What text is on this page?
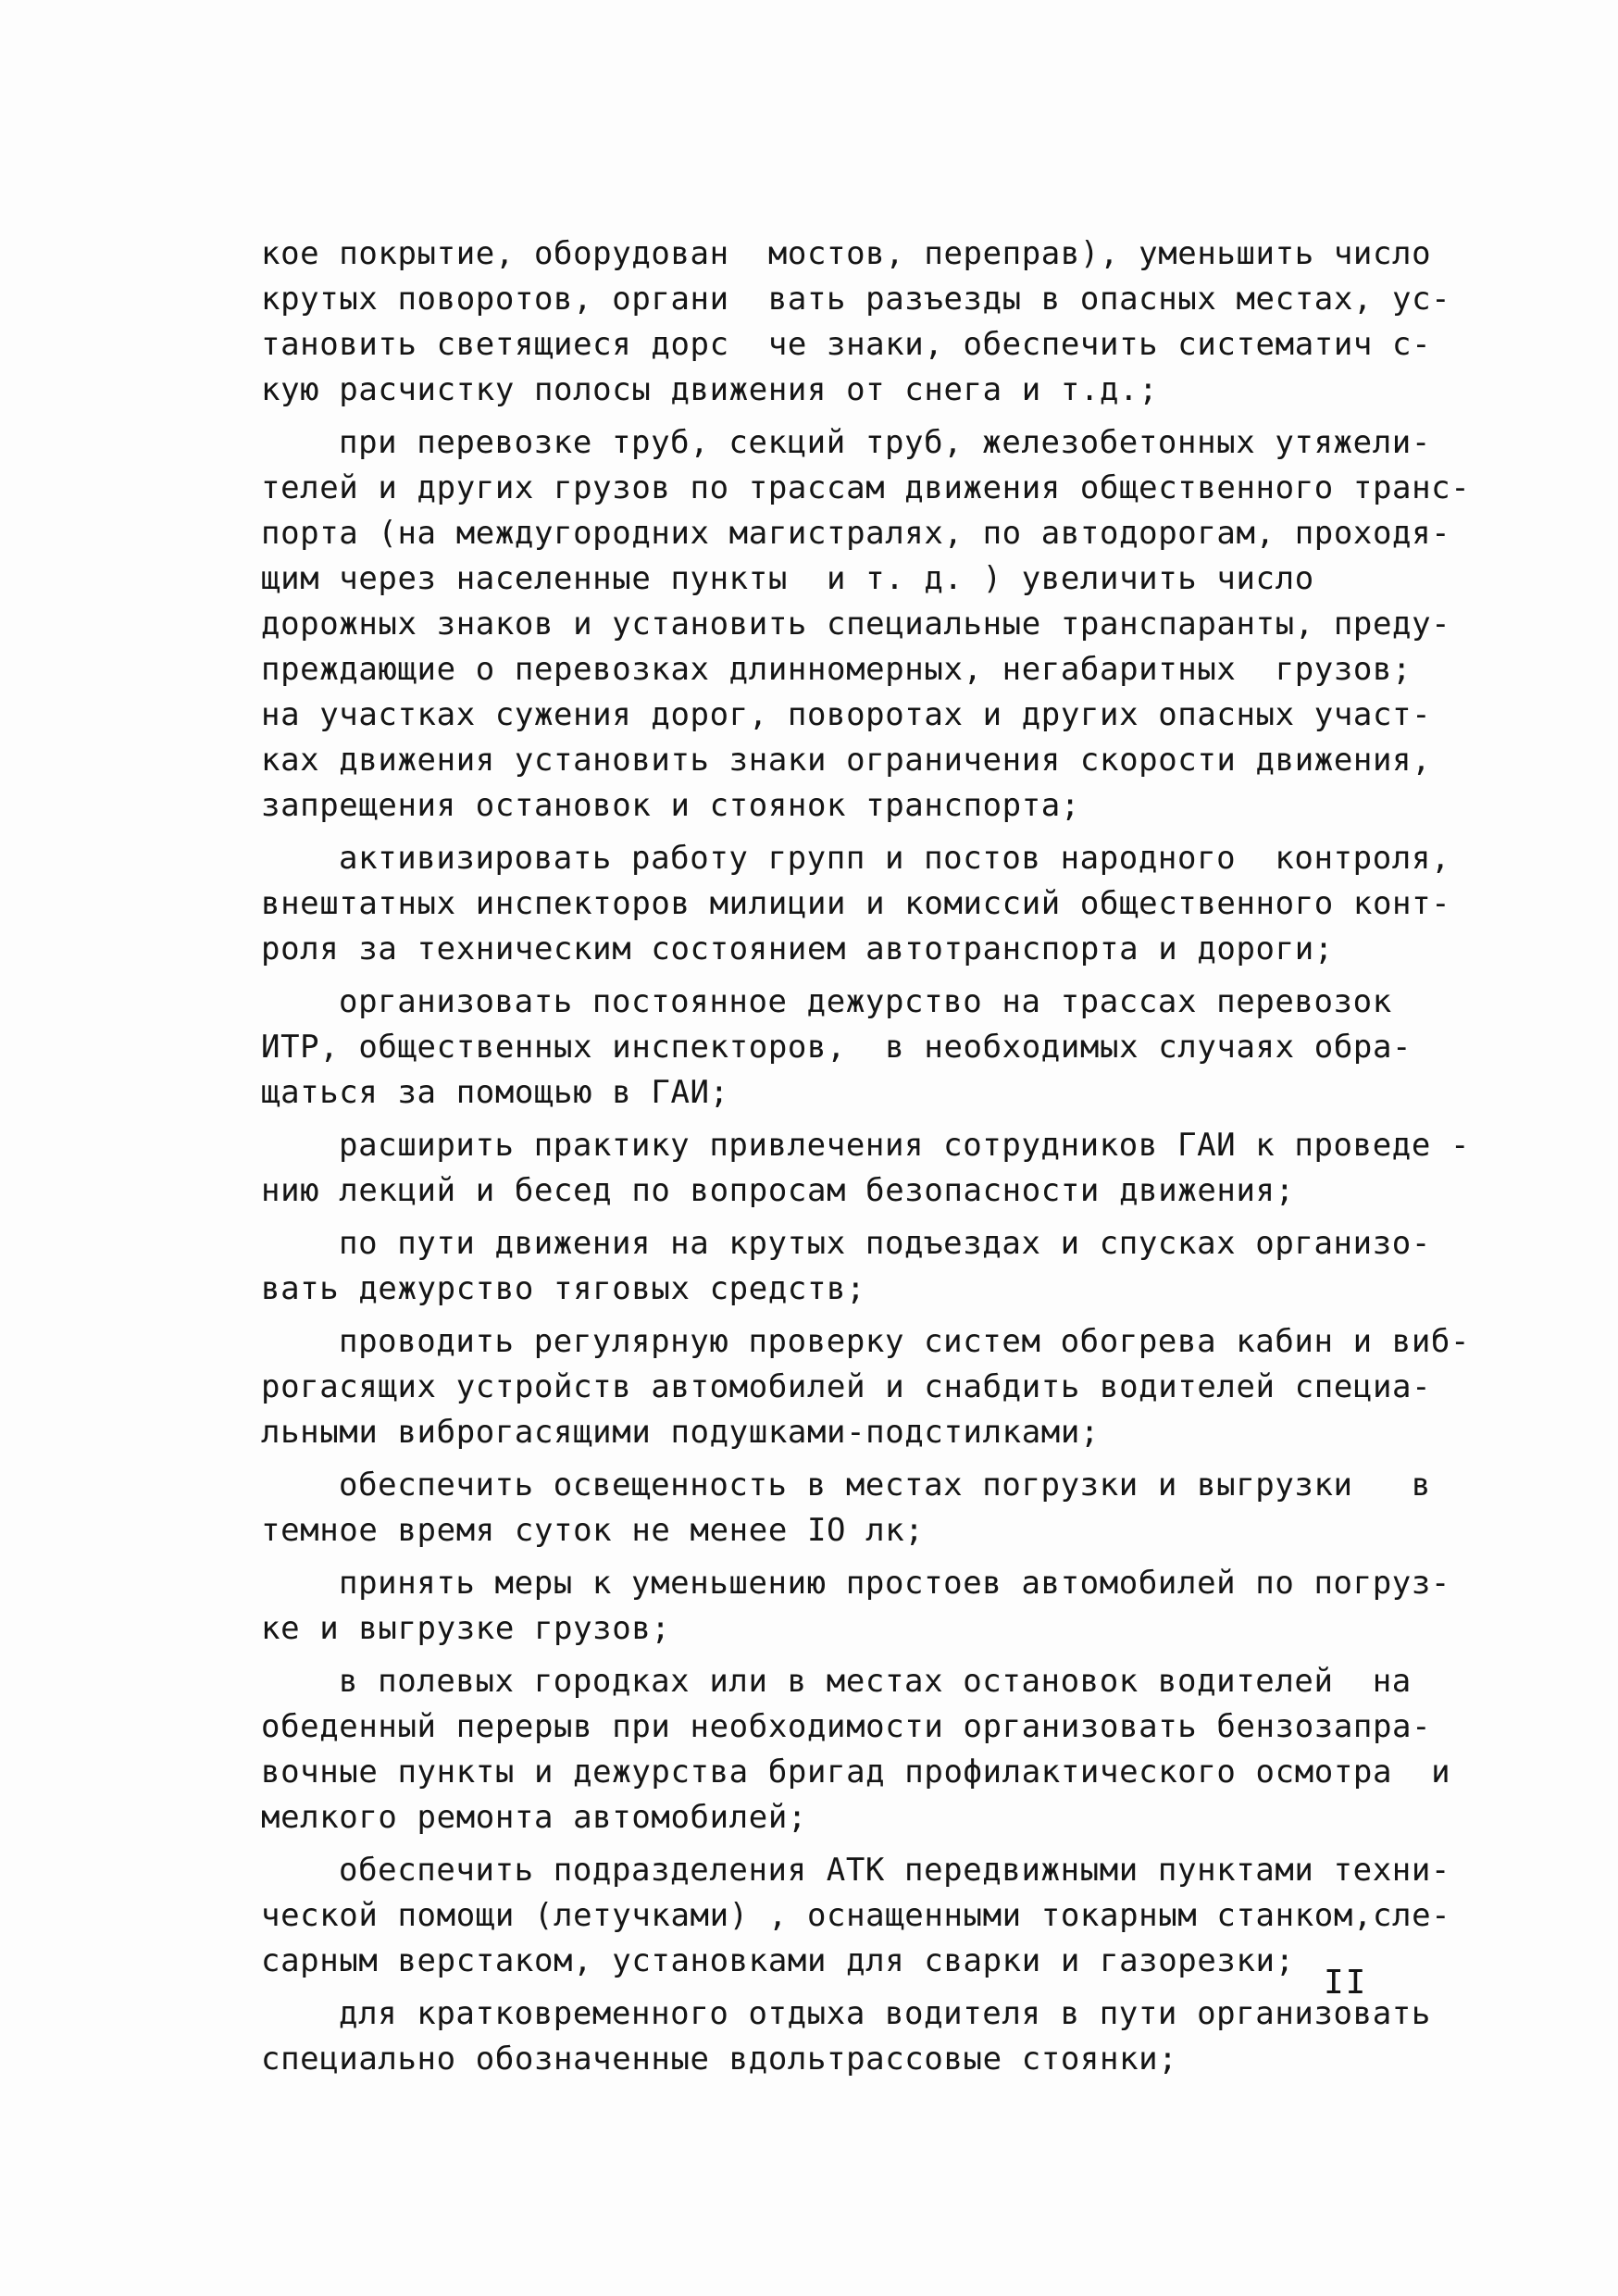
кое покрытие, оборудован  мостов, переправ), уменьшить число
крутых поворотов, органи  вать разъезды в опасных местах, ус-
тановить светящиеся дорс  че знаки, обеспечить систематич с-
кую расчистку полосы движения от снега и т.д.;
при перевозке труб, секций труб, железобетонных утяжели-
телей и других грузов по трассам движения общественного транс-
порта (на междугородних магистралях, по автодорогам, проходя-
щим через населенные пункты  и т. д. ) увеличить число
дорожных знаков и установить специальные транспаранты, преду-
преждающие о перевозках длинномерных, негабаритных  грузов;
на участках сужения дорог, поворотах и других опасных участ-
ках движения установить знаки ограничения скорости движения,
запрещения остановок и стоянок транспорта;
активизировать работу групп и постов народного  контроля,
внештатных инспекторов милиции и комиссий общественного конт-
роля за техническим состоянием автотранспорта и дороги;
организовать постоянное дежурство на трассах перевозок
ИТР, общественных инспекторов,  в необходимых случаях обра-
щаться за помощью в ГАИ;
расширить практику привлечения сотрудников ГАИ к проведе -
нию лекций и бесед по вопросам безопасности движения;
по пути движения на крутых подъездах и спусках организо-
вать дежурство тяговых средств;
проводить регулярную проверку систем обогрева кабин и виб-
рогасящих устройств автомобилей и снабдить водителей специа-
льными виброгасящими подушками-подстилками;
обеспечить освещенность в местах погрузки и выгрузки   в
темное время суток не менее IO лк;
принять меры к уменьшению простоев автомобилей по погруз-
ке и выгрузке грузов;
в полевых городках или в местах остановок водителей  на
обеденный перерыв при необходимости организовать бензозапра-
вочные пункты и дежурства бригад профилактического осмотра  и
мелкого ремонта автомобилей;
обеспечить подразделения АТК передвижными пунктами техни-
ческой помощи (летучками) , оснащенными токарным станком,сле-
сарным верстаком, установками для сварки и газорезки;
для кратковременного отдыха водителя в пути организовать
специально обозначенные вдольтрассовые стоянки;
II
